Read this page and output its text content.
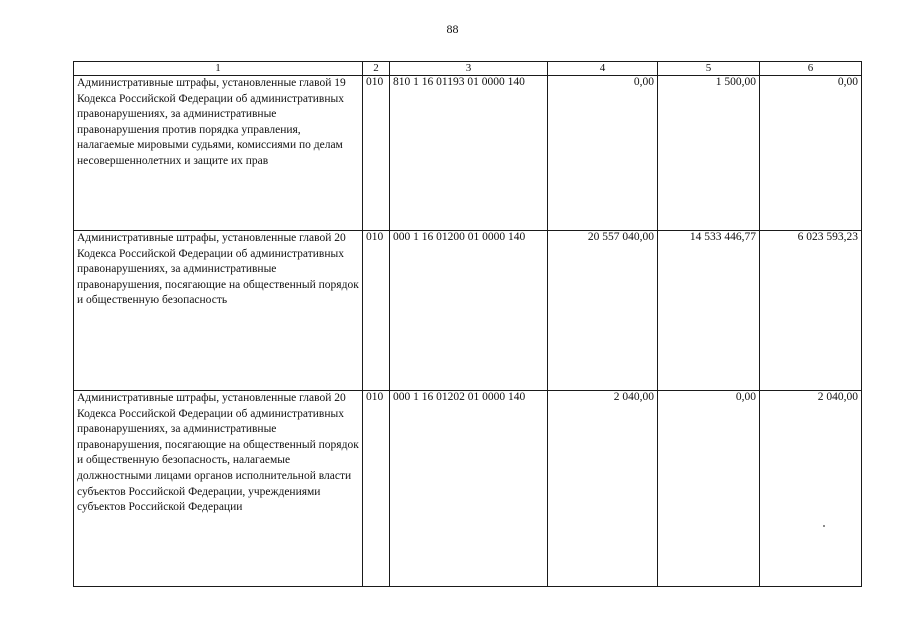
88
1	2	3	4	5	6
Административные штрафы, установленные главой 19 Кодекса Российской Федерации об административных правонарушениях, за административные правонарушения против порядка управления, налагаемые мировыми судьями, комиссиями по делам несовершеннолетних и защите их прав	010	810 1 16 01193 01 0000 140	0,00	1 500,00	0,00
Административные штрафы, установленные главой 20 Кодекса Российской Федерации об административных правонарушениях, за административные правонарушения, посягающие на общественный порядок и общественную безопасность	010	000 1 16 01200 01 0000 140	20 557 040,00	14 533 446,77	6 023 593,23
Административные штрафы, установленные главой 20 Кодекса Российской Федерации об административных правонарушениях, за административные правонарушения, посягающие на общественный порядок и общественную безопасность, налагаемые должностными лицами органов исполнительной власти субъектов Российской Федерации, учреждениями субъектов Российской Федерации	010	000 1 16 01202 01 0000 140	2 040,00	0,00	2 040,00
